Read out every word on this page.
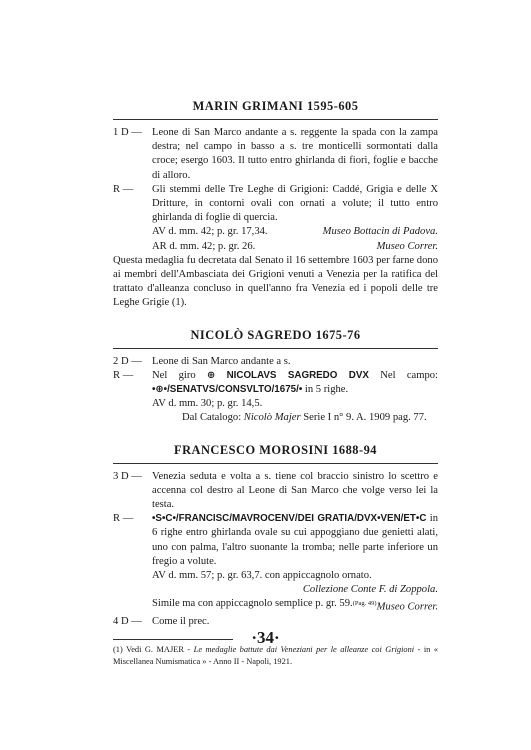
MARIN GRIMANI 1595-605
1 D — Leone di San Marco andante a s. reggente la spada con la zampa destra; nel campo in basso a s. tre monticelli sormontati dalla croce; esergo 1603. Il tutto entro ghirlanda di fiori, foglie e bacche di alloro.
R —	Gli stemmi delle Tre Leghe di Grigioni: Caddé, Grigia e delle X Dritture, in contorni ovali con ornati a volute; il tutto entro ghirlanda di foglie di quercia.
AV d. mm. 42; p. gr. 17,34.	Museo Bottacin di Padova.
AR d. mm. 42; p. gr. 26.	Museo Correr.

Questa medaglia fu decretata dal Senato il 16 settembre 1603 per farne dono ai membri dell'Ambasciata dei Grigioni venuti a Venezia per la ratifica del trattato d'alleanza concluso in quell'anno fra Venezia ed i popoli delle tre Leghe Grigie (1).

NICOLÒ SAGREDO 1675-76
2 D — Leone di San Marco andante a s.
R —	Nel giro ⊕ NICOLAVS SAGREDO DVX Nel campo: •⊕•/SENATVS/CONSVLTO/1675/• in 5 righe.
AV d. mm. 30; p. gr. 14,5.
Dal Catalogo: Nicolò Majer Serie I n° 9. A. 1909 pag. 77.
FRANCESCO MOROSINI 1688-94
3 D — Venezia seduta e volta a s. tiene col braccio sinistro lo scettro e accenna col destro al Leone di San Marco che volge verso lei la testa.
R —	•S•C•/FRANCISC/MAVROCENV/DEI GRATIA/DVX•VEN/ET•C in 6 righe entro ghirlanda ovale su cui appoggiano due genietti alati, uno con palma, l'altro suonante la tromba; nelle parte inferiore un fregio a volute.
AV d. mm. 57; p. gr. 63,7. con appiccagnolo ornato.
Collezione Conte F. di Zoppola.
Simile ma con appiccagnolo semplice p. gr. 59. $^{(Pag. 49)}$Museo Correr.
4 D — Come il prec.
(1) Vedi G. MAJER - Le medaglie battute dai Veneziani per le alleanze coi Grigioni - in « Miscellanea Numismatica » - Anno II - Napoli, 1921.
·34·
